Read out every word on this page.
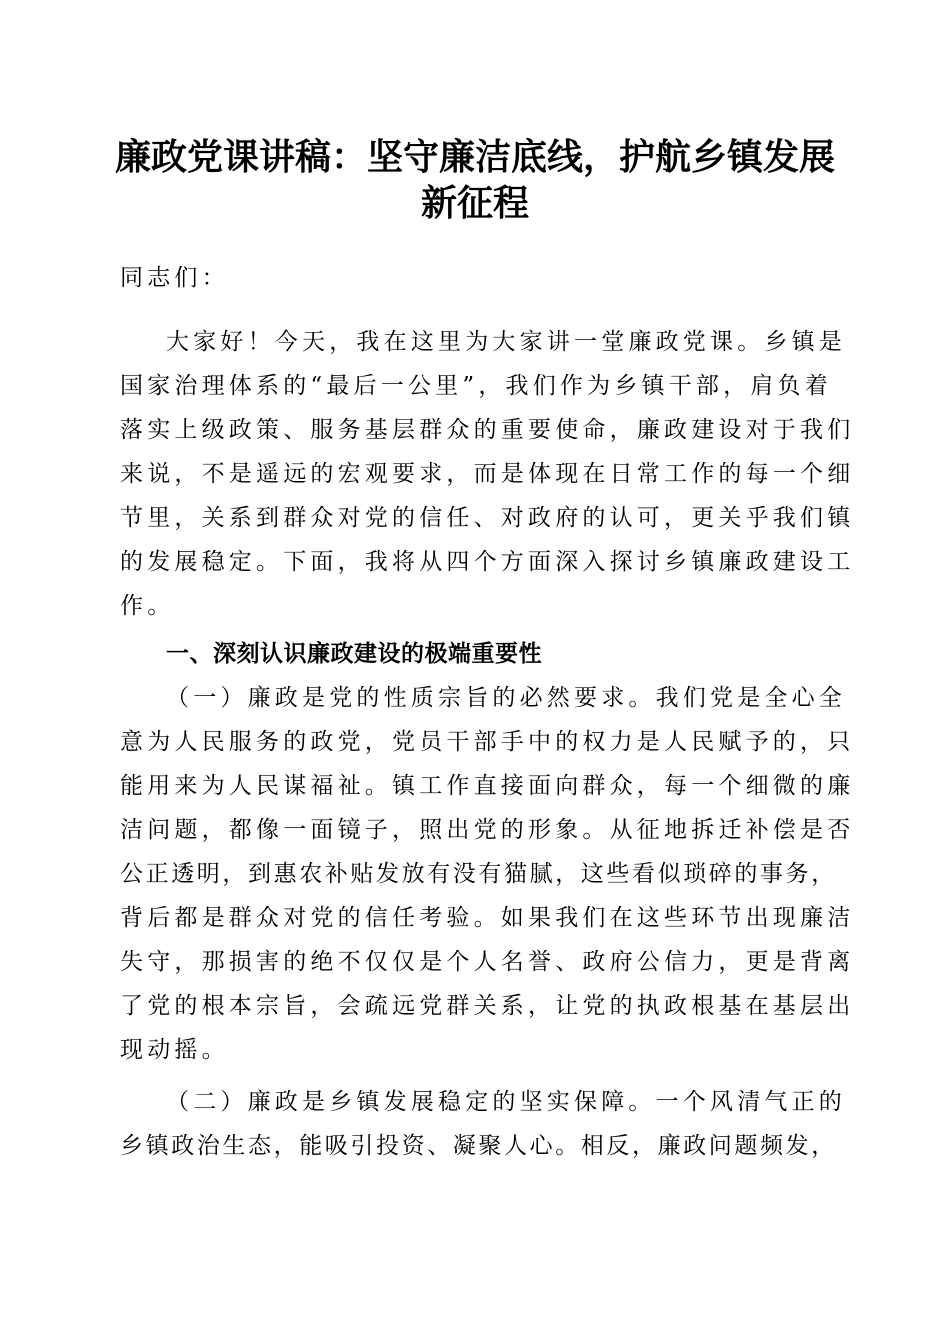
廉政党课讲稿：坚守廉洁底线，护航乡镇发展
新征程
同志们：
大家好！今天，我在这里为大家讲一堂廉政党课。乡镇是
国家治理体系的“最后一公里”，我们作为乡镇干部，肩负着
落实上级政策、服务基层群众的重要使命，廉政建设对于我们
来说，不是遥远的宏观要求，而是体现在日常工作的每一个细
节里，关系到群众对党的信任、对政府的认可，更关乎我们镇
的发展稳定。下面，我将从四个方面深入探讨乡镇廉政建设工
作。
一、深刻认识廉政建设的极端重要性
（一）廉政是党的性质宗旨的必然要求。我们党是全心全
意为人民服务的政党，党员干部手中的权力是人民赋予的，只
能用来为人民谋福祉。镇工作直接面向群众，每一个细微的廉
洁问题，都像一面镜子，照出党的形象。从征地拆迁补偿是否
公正透明，到惠农补贴发放有没有猫腻，这些看似琐碎的事务，
背后都是群众对党的信任考验。如果我们在这些环节出现廉洁
失守，那损害的绝不仅仅是个人名誉、政府公信力，更是背离
了党的根本宗旨，会疏远党群关系，让党的执政根基在基层出
现动摇。
（二）廉政是乡镇发展稳定的坚实保障。一个风清气正的
乡镇政治生态，能吸引投资、凝聚人心。相反，廉政问题频发，
